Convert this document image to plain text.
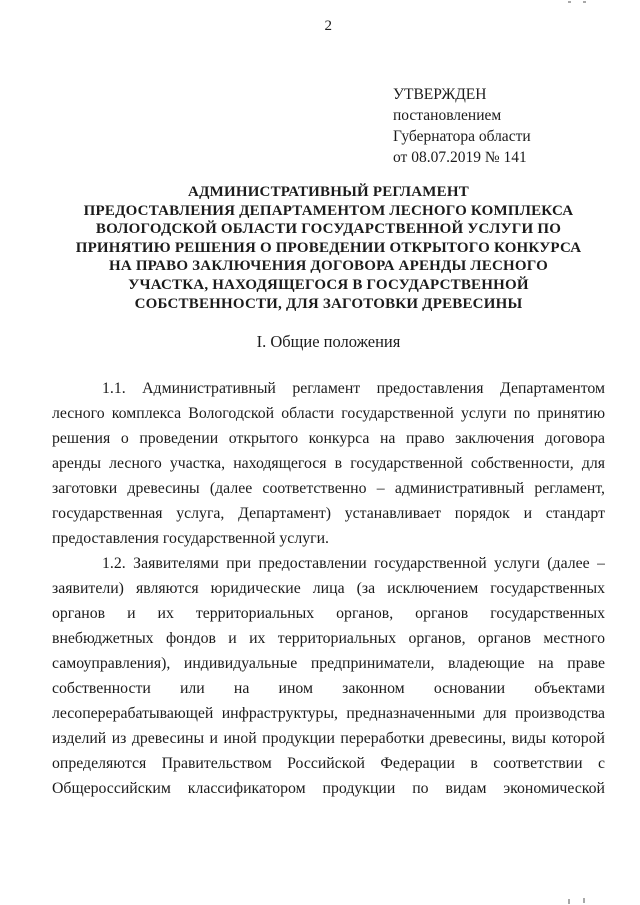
2
УТВЕРЖДЕН
постановлением
Губернатора области
от 08.07.2019 № 141
АДМИНИСТРАТИВНЫЙ РЕГЛАМЕНТ
ПРЕДОСТАВЛЕНИЯ ДЕПАРТАМЕНТОМ ЛЕСНОГО КОМПЛЕКСА
ВОЛОГОДСКОЙ ОБЛАСТИ ГОСУДАРСТВЕННОЙ УСЛУГИ ПО
ПРИНЯТИЮ РЕШЕНИЯ О ПРОВЕДЕНИИ ОТКРЫТОГО КОНКУРСА
НА ПРАВО ЗАКЛЮЧЕНИЯ ДОГОВОРА АРЕНДЫ ЛЕСНОГО
УЧАСТКА, НАХОДЯЩЕГОСЯ В ГОСУДАРСТВЕННОЙ
СОБСТВЕННОСТИ, ДЛЯ ЗАГОТОВКИ ДРЕВЕСИНЫ
I. Общие положения
1.1. Административный регламент предоставления Департаментом
лесного комплекса Вологодской области государственной услуги по принятию
решения о проведении открытого конкурса на право заключения договора
аренды лесного участка, находящегося в государственной собственности, для
заготовки древесины (далее соответственно – административный регламент,
государственная услуга, Департамент) устанавливает порядок и стандарт
предоставления государственной услуги.
1.2. Заявителями при предоставлении государственной услуги (далее –
заявители) являются юридические лица (за исключением государственных
органов и их территориальных органов, органов государственных
внебюджетных фондов и их территориальных органов, органов местного
самоуправления), индивидуальные предприниматели, владеющие на праве
собственности или на ином законном основании объектами
лесоперерабатывающей инфраструктуры, предназначенными для производства
изделий из древесины и иной продукции переработки древесины, виды которой
определяются Правительством Российской Федерации в соответствии с
Общероссийским классификатором продукции по видам экономической
